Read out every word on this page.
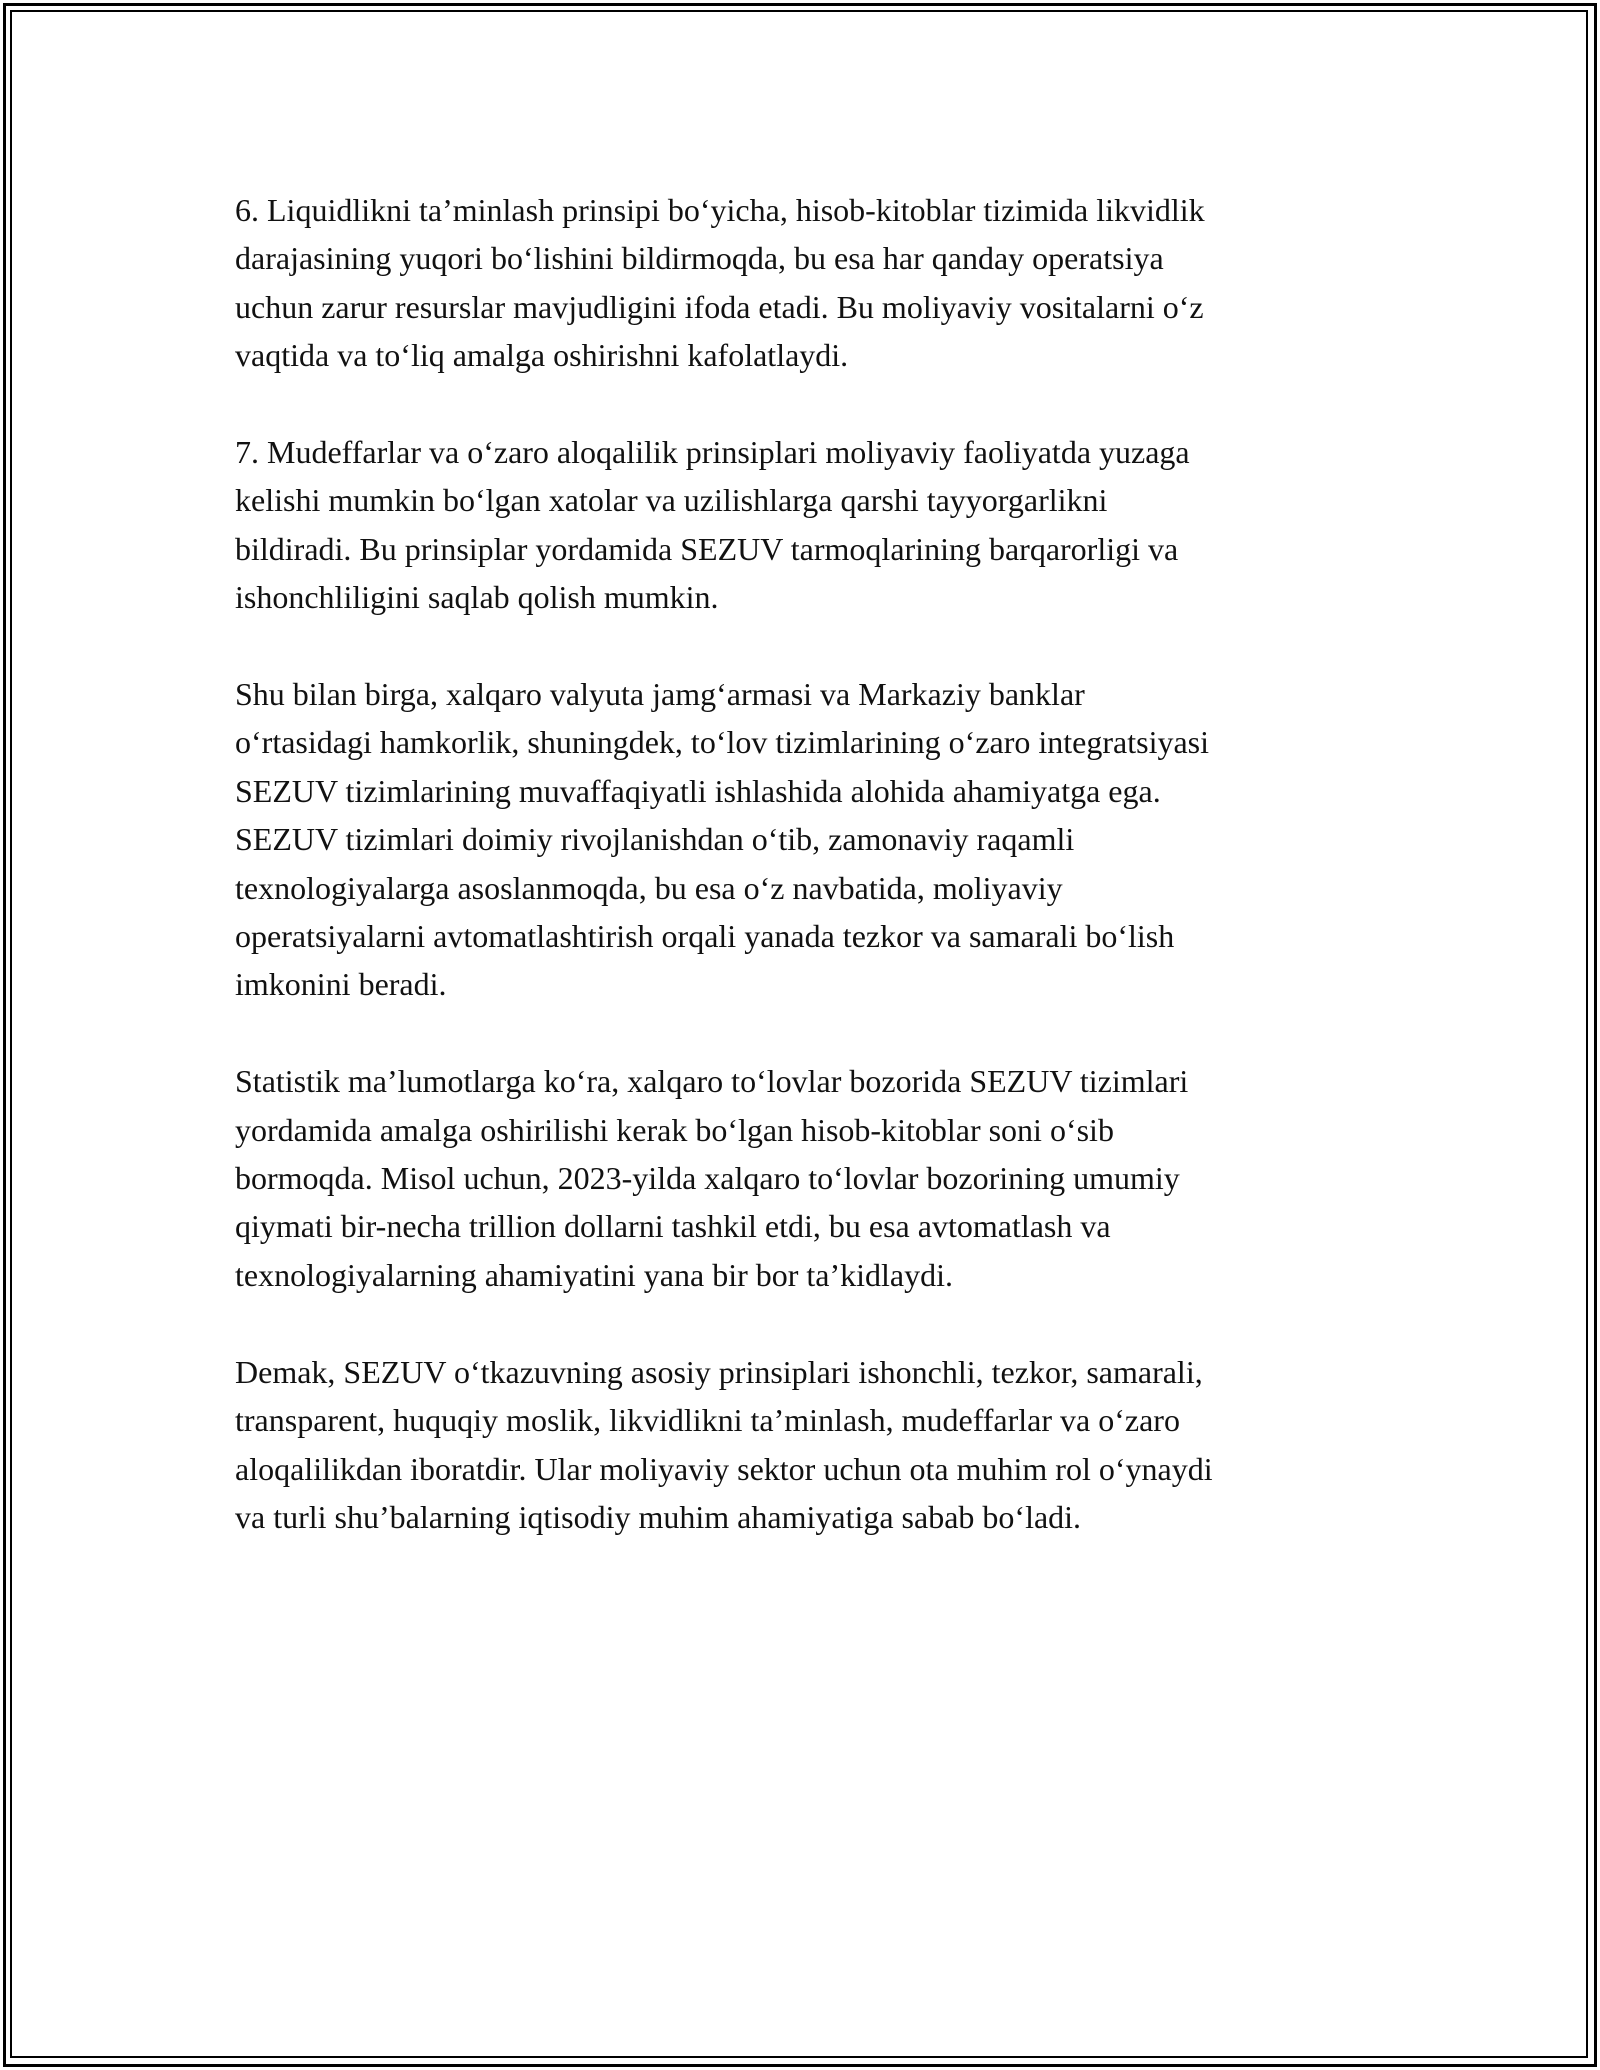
6. Liquidlikni ta’minlash prinsipi bo‘yicha, hisob-kitoblar tizimida likvidlik
darajasining yuqori bo‘lishini bildirmoqda, bu esa har qanday operatsiya
uchun zarur resurslar mavjudligini ifoda etadi. Bu moliyaviy vositalarni o‘z
vaqtida va to‘liq amalga oshirishni kafolatlaydi.

7. Mudeffarlar va o‘zaro aloqalilik prinsiplari moliyaviy faoliyatda yuzaga
kelishi mumkin bo‘lgan xatolar va uzilishlarga qarshi tayyorgarlikni
bildiradi. Bu prinsiplar yordamida SEZUV tarmoqlarining barqarorligi va
ishonchliligini saqlab qolish mumkin.

Shu bilan birga, xalqaro valyuta jamg‘armasi va Markaziy banklar
o‘rtasidagi hamkorlik, shuningdek, to‘lov tizimlarining o‘zaro integratsiyasi
SEZUV tizimlarining muvaffaqiyatli ishlashida alohida ahamiyatga ega.
SEZUV tizimlari doimiy rivojlanishdan o‘tib, zamonaviy raqamli
texnologiyalarga asoslanmoqda, bu esa o‘z navbatida, moliyaviy
operatsiyalarni avtomatlashtirish orqali yanada tezkor va samarali bo‘lish
imkonini beradi.

Statistik ma’lumotlarga ko‘ra, xalqaro to‘lovlar bozorida SEZUV tizimlari
yordamida amalga oshirilishi kerak bo‘lgan hisob-kitoblar soni o‘sib
bormoqda. Misol uchun, 2023-yilda xalqaro to‘lovlar bozorining umumiy
qiymati bir-necha trillion dollarni tashkil etdi, bu esa avtomatlash va
texnologiyalarning ahamiyatini yana bir bor ta’kidlaydi.

Demak, SEZUV o‘tkazuvning asosiy prinsiplari ishonchli, tezkor, samarali,
transparent, huquqiy moslik, likvidlikni ta’minlash, mudeffarlar va o‘zaro
aloqalilikdan iboratdir. Ular moliyaviy sektor uchun ota muhim rol o‘ynaydi
va turli shu’balarning iqtisodiy muhim ahamiyatiga sabab bo‘ladi.
